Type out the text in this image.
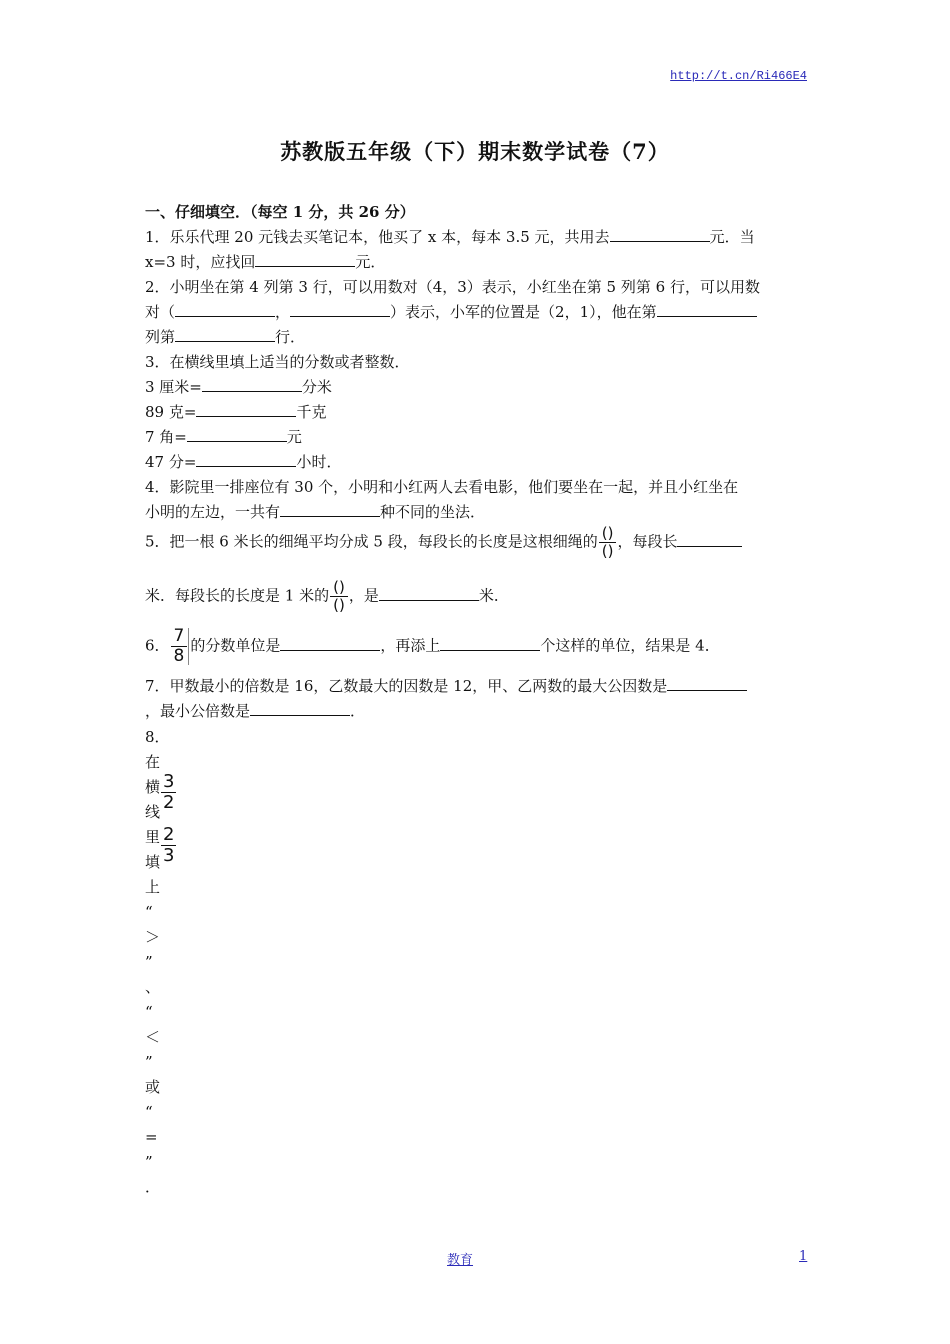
http://t.cn/Ri466E4
苏教版五年级（下）期末数学试卷（7）
一、仔细填空．（每空 1 分，共 26 分）
1．乐乐代理 20 元钱去买笔记本，他买了 x 本，每本 3.5 元，共用去	元．当
x=3 时，应找回	元．
2．小明坐在第 4 列第 3 行，可以用数对（4，3）表示，小红坐在第 5 列第 6 行，可以用数
对（	，	）表示，小军的位置是（2，1），他在第
列第	行．
3．在横线里填上适当的分数或者整数．
3 厘米=	分米
89 克=	千克
7 角=	元
47 分=	小时．
4．影院里一排座位有 30 个，小明和小红两人去看电影，他们要坐在一起，并且小红坐在
小明的左边，一共有	种不同的坐法．
5．把一根 6 米长的细绳平均分成 5 段，每段长的长度是这根细绳的 $\frac{()}{()}$ ，每段长
米．每段长的长度是 1 米的 $\frac{()}{()}$ ，是	米．
6． $\frac{7}{8}$ 的分数单位是	，再添上	个这样的单位，结果是 4．
7．甲数最小的倍数是 16，乙数最大的因数是 12，甲、乙两数的最大公因数是
，最小公倍数是	．
8．
在
横
线
里
填
上
“
＞
”
、
“
＜
”
或
“
=
”
．
$\frac{3}{2}$
$\frac{2}{3}$
教育	1
